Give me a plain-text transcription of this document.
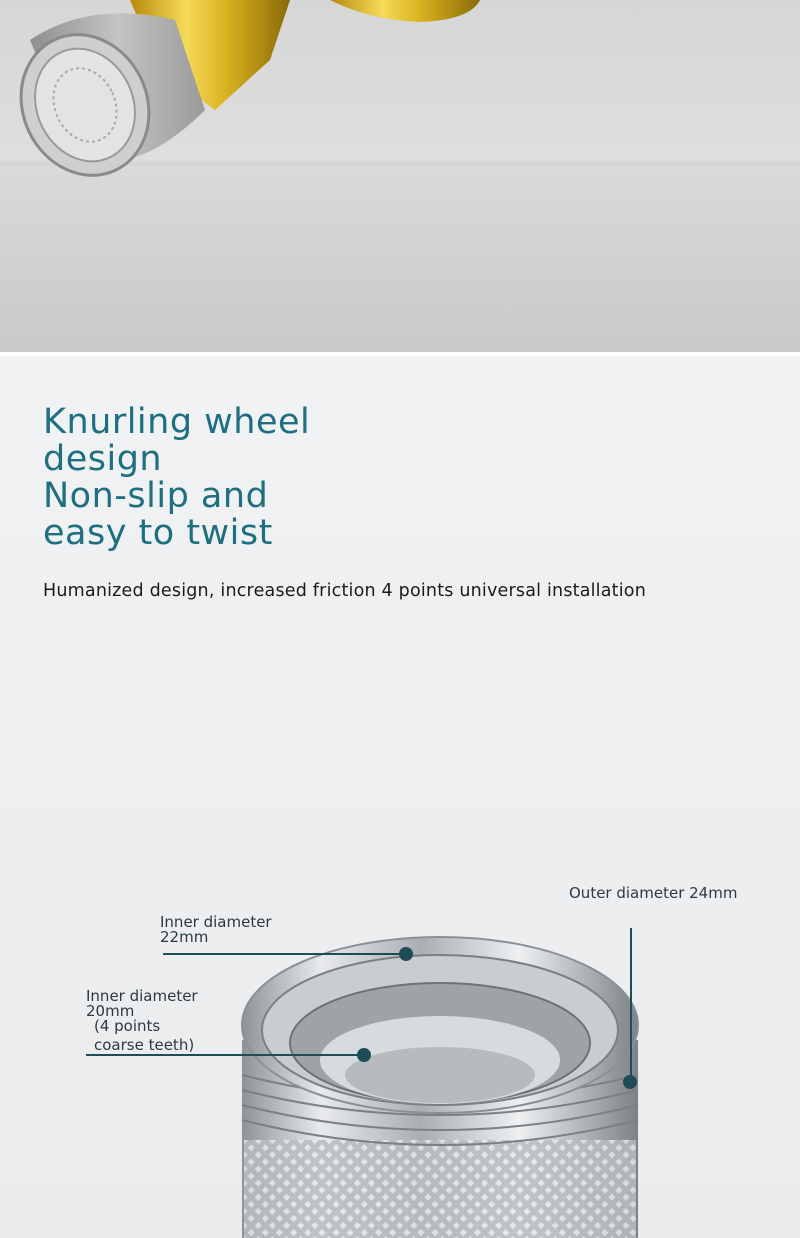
Knurling wheel
design
Non-slip and
easy to twist
Humanized design, increased friction 4 points universal installation
Outer diameter 24mm
Inner diameter
22mm
Inner diameter
20mm
(4 points
coarse teeth)
